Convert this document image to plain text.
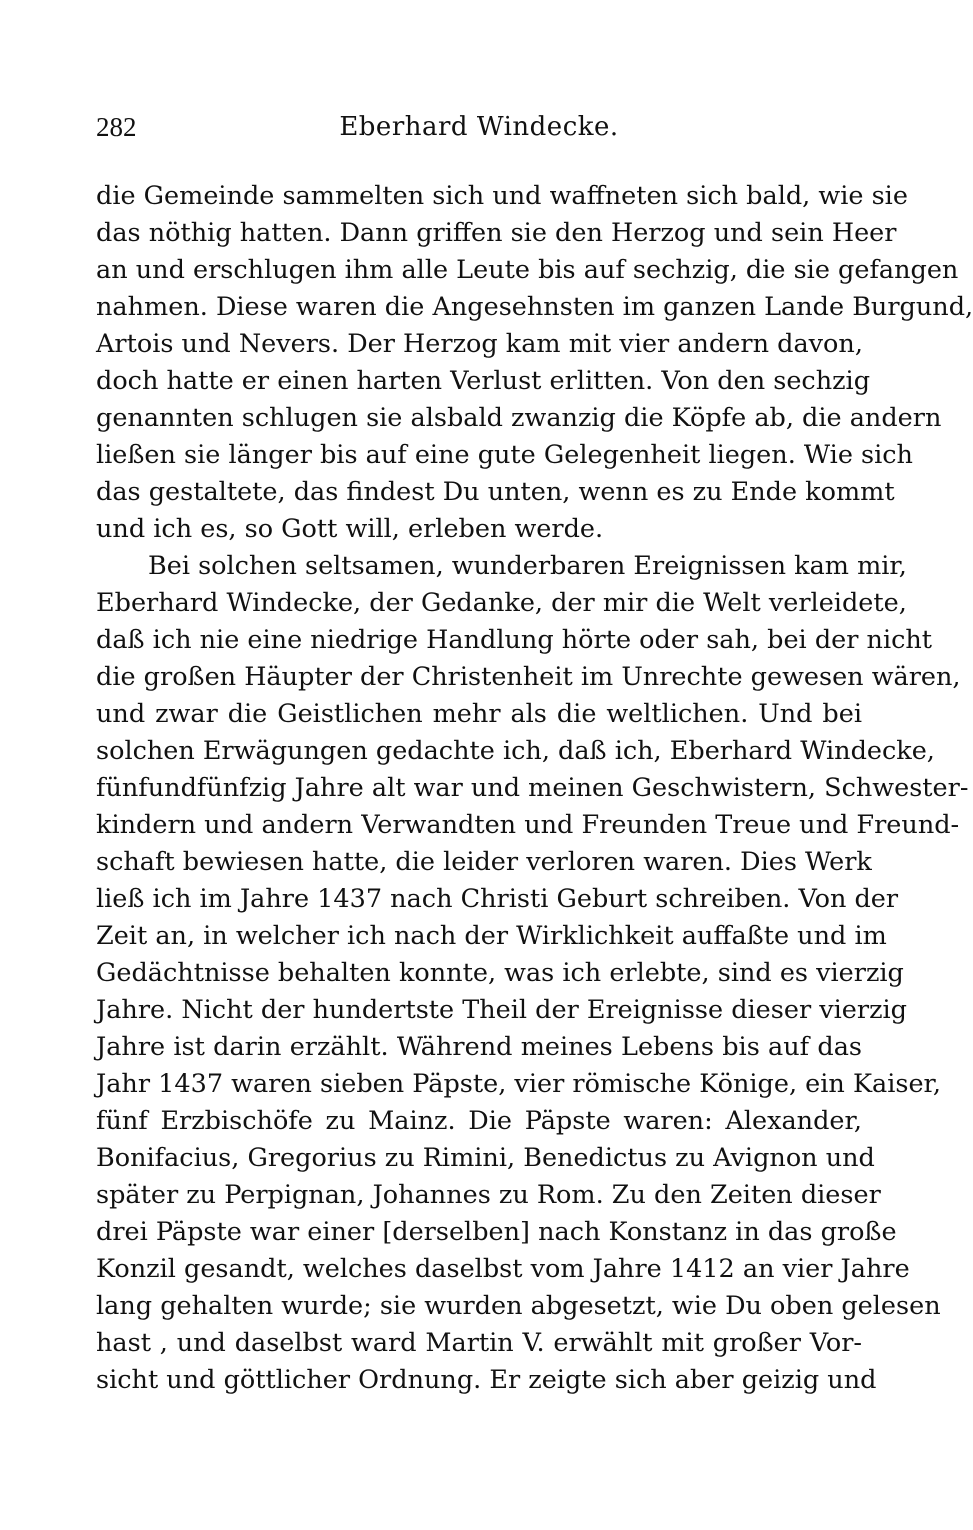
282	Eberhard Windecke.
die Gemeinde sammelten sich und waffneten sich bald, wie sie
das nöthig hatten. Dann griffen sie den Herzog und sein Heer
an und erschlugen ihm alle Leute bis auf sechzig, die sie gefangen
nahmen. Diese waren die Angesehnsten im ganzen Lande Burgund,
Artois und Nevers. Der Herzog kam mit vier andern davon,
doch hatte er einen harten Verlust erlitten. Von den sechzig
genannten schlugen sie alsbald zwanzig die Köpfe ab, die andern
ließen sie länger bis auf eine gute Gelegenheit liegen. Wie sich
das gestaltete, das findest Du unten, wenn es zu Ende kommt
und ich es, so Gott will, erleben werde.
Bei solchen seltsamen, wunderbaren Ereignissen kam mir,
Eberhard Windecke, der Gedanke, der mir die Welt verleidete,
daß ich nie eine niedrige Handlung hörte oder sah, bei der nicht
die großen Häupter der Christenheit im Unrechte gewesen wären,
und zwar die Geistlichen mehr als die weltlichen. Und bei
solchen Erwägungen gedachte ich, daß ich, Eberhard Windecke,
fünfundfünfzig Jahre alt war und meinen Geschwistern, Schwester-
kindern und andern Verwandten und Freunden Treue und Freund-
schaft bewiesen hatte, die leider verloren waren. Dies Werk
ließ ich im Jahre 1437 nach Christi Geburt schreiben. Von der
Zeit an, in welcher ich nach der Wirklichkeit auffaßte und im
Gedächtnisse behalten konnte, was ich erlebte, sind es vierzig
Jahre. Nicht der hundertste Theil der Ereignisse dieser vierzig
Jahre ist darin erzählt. Während meines Lebens bis auf das
Jahr 1437 waren sieben Päpste, vier römische Könige, ein Kaiser,
fünf Erzbischöfe zu Mainz. Die Päpste waren: Alexander,
Bonifacius, Gregorius zu Rimini, Benedictus zu Avignon und
später zu Perpignan, Johannes zu Rom. Zu den Zeiten dieser
drei Päpste war einer [derselben] nach Konstanz in das große
Konzil gesandt, welches daselbst vom Jahre 1412 an vier Jahre
lang gehalten wurde; sie wurden abgesetzt, wie Du oben gelesen
hast , und daselbst ward Martin V. erwählt mit großer Vor-
sicht und göttlicher Ordnung. Er zeigte sich aber geizig und
